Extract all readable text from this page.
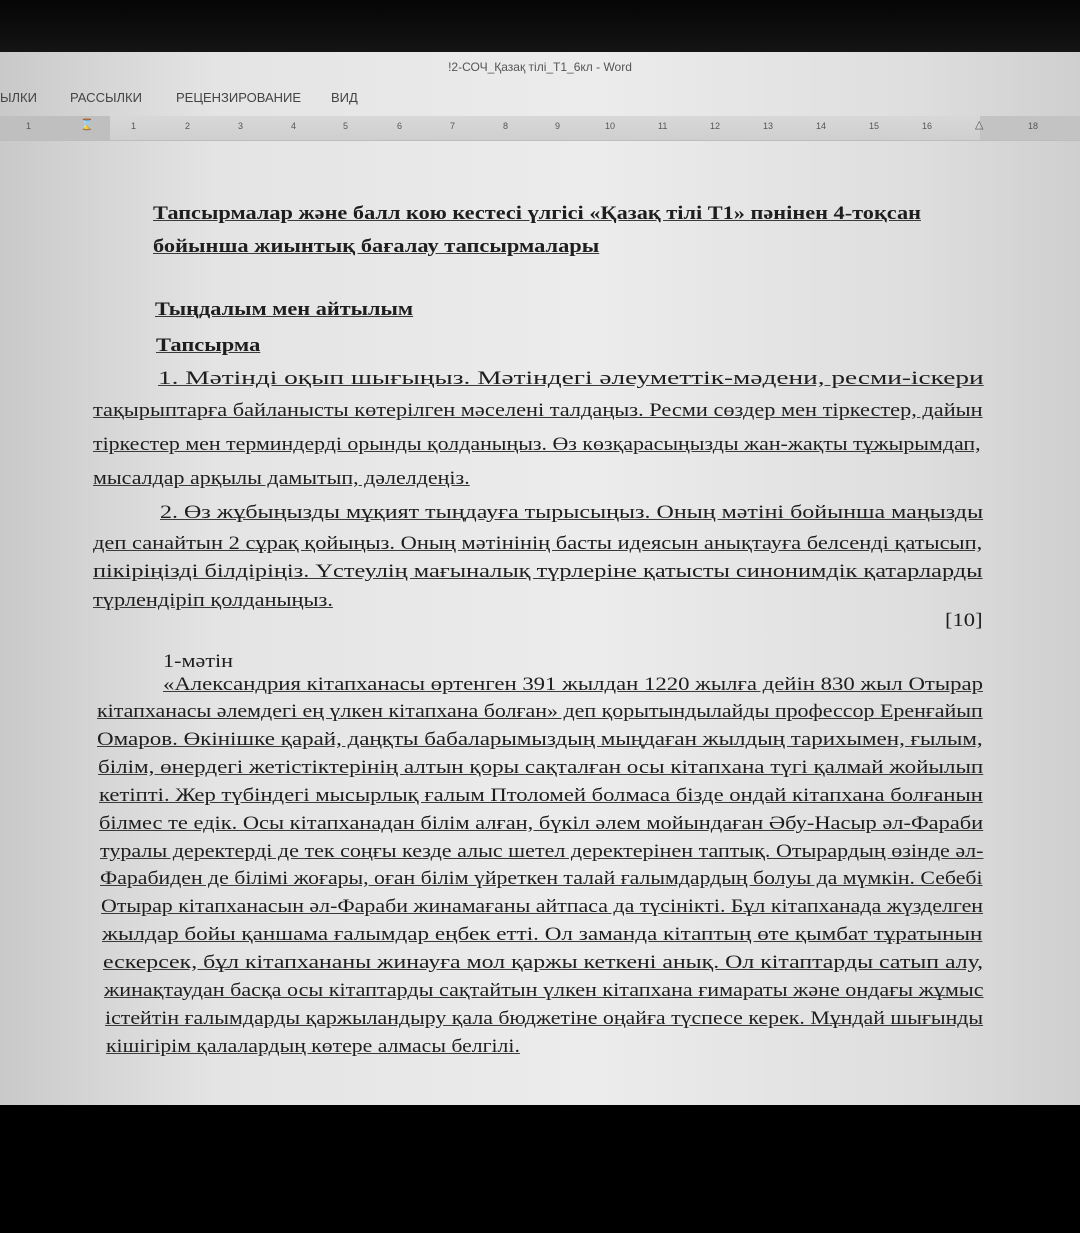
!2-СОЧ_Қазақ тілі_Т1_6кл - Word
ЫЛКИ	РАССЫЛКИ	РЕЦЕНЗИРОВАНИЕ ВИД
1	⌛	1	2	3	4	5	6	7	8	9	10	11	12	13	14	15	16	△	18
Тапсырмалар және балл кою кестесі үлгісі «Қазақ тілі Т1» пәнінен 4-тоқсан
бойынша жиынтық бағалау тапсырмалары
Тыңдалым мен айтылым
Тапсырма
1. Мәтінді оқып шығыңыз. Мәтіндегі әлеуметтік-мәдени, ресми-іскери
тақырыптарға байланысты көтерілген мәселені талдаңыз. Ресми сөздер мен тіркестер, дайын
тіркестер мен терминдерді орынды қолданыңыз. Өз көзқарасыңызды жан-жақты тұжырымдап,
мысалдар арқылы дамытып, дәлелдеңіз.
2. Өз жұбыңызды мұқият тыңдауға тырысыңыз. Оның мәтіні бойынша маңызды
деп санайтын 2 сұрақ қойыңыз. Оның мәтінінің басты идеясын анықтауға белсенді қатысып,
пікіріңізді білдіріңіз. Үстеулің мағыналық түрлеріне қатысты синонимдік қатарларды
түрлендіріп қолданыңыз.
[10]
1-мәтін
«Александрия кітапханасы өртенген 391 жылдан 1220 жылға дейін 830 жыл Отырар
кітапханасы әлемдегі ең үлкен кітапхана болған» деп қорытындылайды профессор Еренғайып
Омаров. Өкінішке қарай, даңқты бабаларымыздың мыңдаған жылдың тарихымен, ғылым,
білім, өнердегі жетістіктерінің алтын қоры сақталған осы кітапхана түгі қалмай жойылып
кетіпті. Жер түбіндегі мысырлық ғалым Птоломей болмаса бізде ондай кітапхана болғанын
білмес те едік. Осы кітапханадан білім алған, бүкіл әлем мойындаған Әбу-Насыр әл-Фараби
туралы деректерді де тек соңғы кезде алыс шетел деректерінен таптық. Отырардың өзінде әл-
Фарабиден де білімі жоғары, оған білім үйреткен талай ғалымдардың болуы да мүмкін. Себебі
Отырар кітапханасын әл-Фараби жинамағаны айтпаса да түсінікті. Бұл кітапханада жүзделген
жылдар бойы қаншама ғалымдар еңбек етті. Ол заманда кітаптың өте қымбат тұратынын
ескерсек, бұл кітапхананы жинауға мол қаржы кеткені анық. Ол кітаптарды сатып алу,
жинақтаудан басқа осы кітаптарды сақтайтын үлкен кітапхана ғимараты және ондағы жұмыс
істейтін ғалымдарды қаржыландыру қала бюджетіне оңайға түспесе керек. Мұндай шығынды
кішігірім қалалардың көтере алмасы белгілі.
